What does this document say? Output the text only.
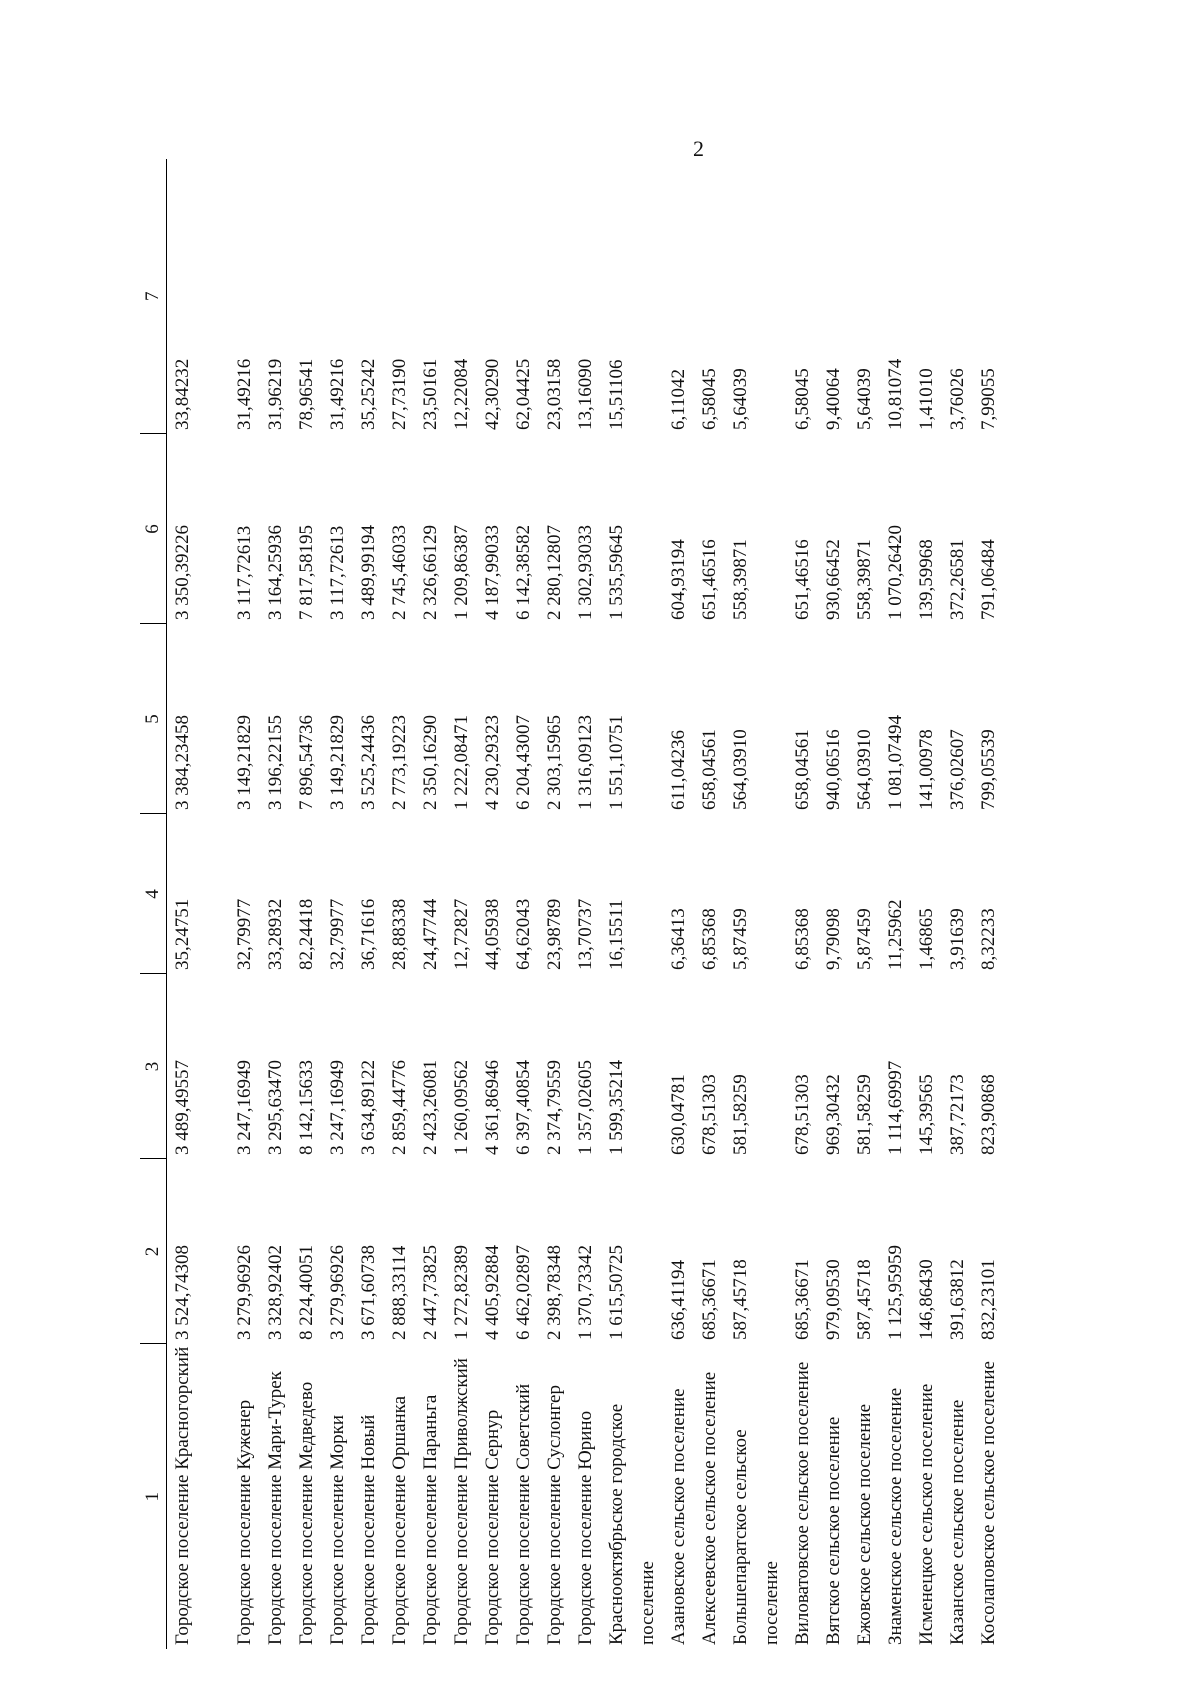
2
1	2	3	4	5	6	7
Городское поселение Красногорский	3 524,74308	3 489,49557	35,24751	3 384,23458	3 350,39226	33,84232
Городское поселение Куженер	3 279,96926	3 247,16949	32,79977	3 149,21829	3 117,72613	31,49216
Городское поселение Мари-Турек	3 328,92402	3 295,63470	33,28932	3 196,22155	3 164,25936	31,96219
Городское поселение Медведево	8 224,40051	8 142,15633	82,24418	7 896,54736	7 817,58195	78,96541
Городское поселение Морки	3 279,96926	3 247,16949	32,79977	3 149,21829	3 117,72613	31,49216
Городское поселение Новый	3 671,60738	3 634,89122	36,71616	3 525,24436	3 489,99194	35,25242
Городское поселение Оршанка	2 888,33114	2 859,44776	28,88338	2 773,19223	2 745,46033	27,73190
Городское поселение Параньга	2 447,73825	2 423,26081	24,47744	2 350,16290	2 326,66129	23,50161
Городское поселение Приволжский	1 272,82389	1 260,09562	12,72827	1 222,08471	1 209,86387	12,22084
Городское поселение Сернур	4 405,92884	4 361,86946	44,05938	4 230,29323	4 187,99033	42,30290
Городское поселение Советский	6 462,02897	6 397,40854	64,62043	6 204,43007	6 142,38582	62,04425
Городское поселение Суслонгер	2 398,78348	2 374,79559	23,98789	2 303,15965	2 280,12807	23,03158
Городское поселение Юрино	1 370,73342	1 357,02605	13,70737	1 316,09123	1 302,93033	13,16090
Краснооктябрьское городское поселение	1 615,50725	1 599,35214	16,15511	1 551,10751	1 535,59645	15,51106
Азановское сельское поселение	636,41194	630,04781	6,36413	611,04236	604,93194	6,11042
Алексеевское сельское поселение	685,36671	678,51303	6,85368	658,04561	651,46516	6,58045
Большепаратское сельское поселение	587,45718	581,58259	5,87459	564,03910	558,39871	5,64039
Виловатовское сельское поселение	685,36671	678,51303	6,85368	658,04561	651,46516	6,58045
Вятское сельское поселение	979,09530	969,30432	9,79098	940,06516	930,66452	9,40064
Ежовское сельское поселение	587,45718	581,58259	5,87459	564,03910	558,39871	5,64039
Знаменское сельское поселение	1 125,95959	1 114,69997	11,25962	1 081,07494	1 070,26420	10,81074
Исменецкое сельское поселение	146,86430	145,39565	1,46865	141,00978	139,59968	1,41010
Казанское сельское поселение	391,63812	387,72173	3,91639	376,02607	372,26581	3,76026
Косолаповское сельское поселение	832,23101	823,90868	8,32233	799,05539	791,06484	7,99055
